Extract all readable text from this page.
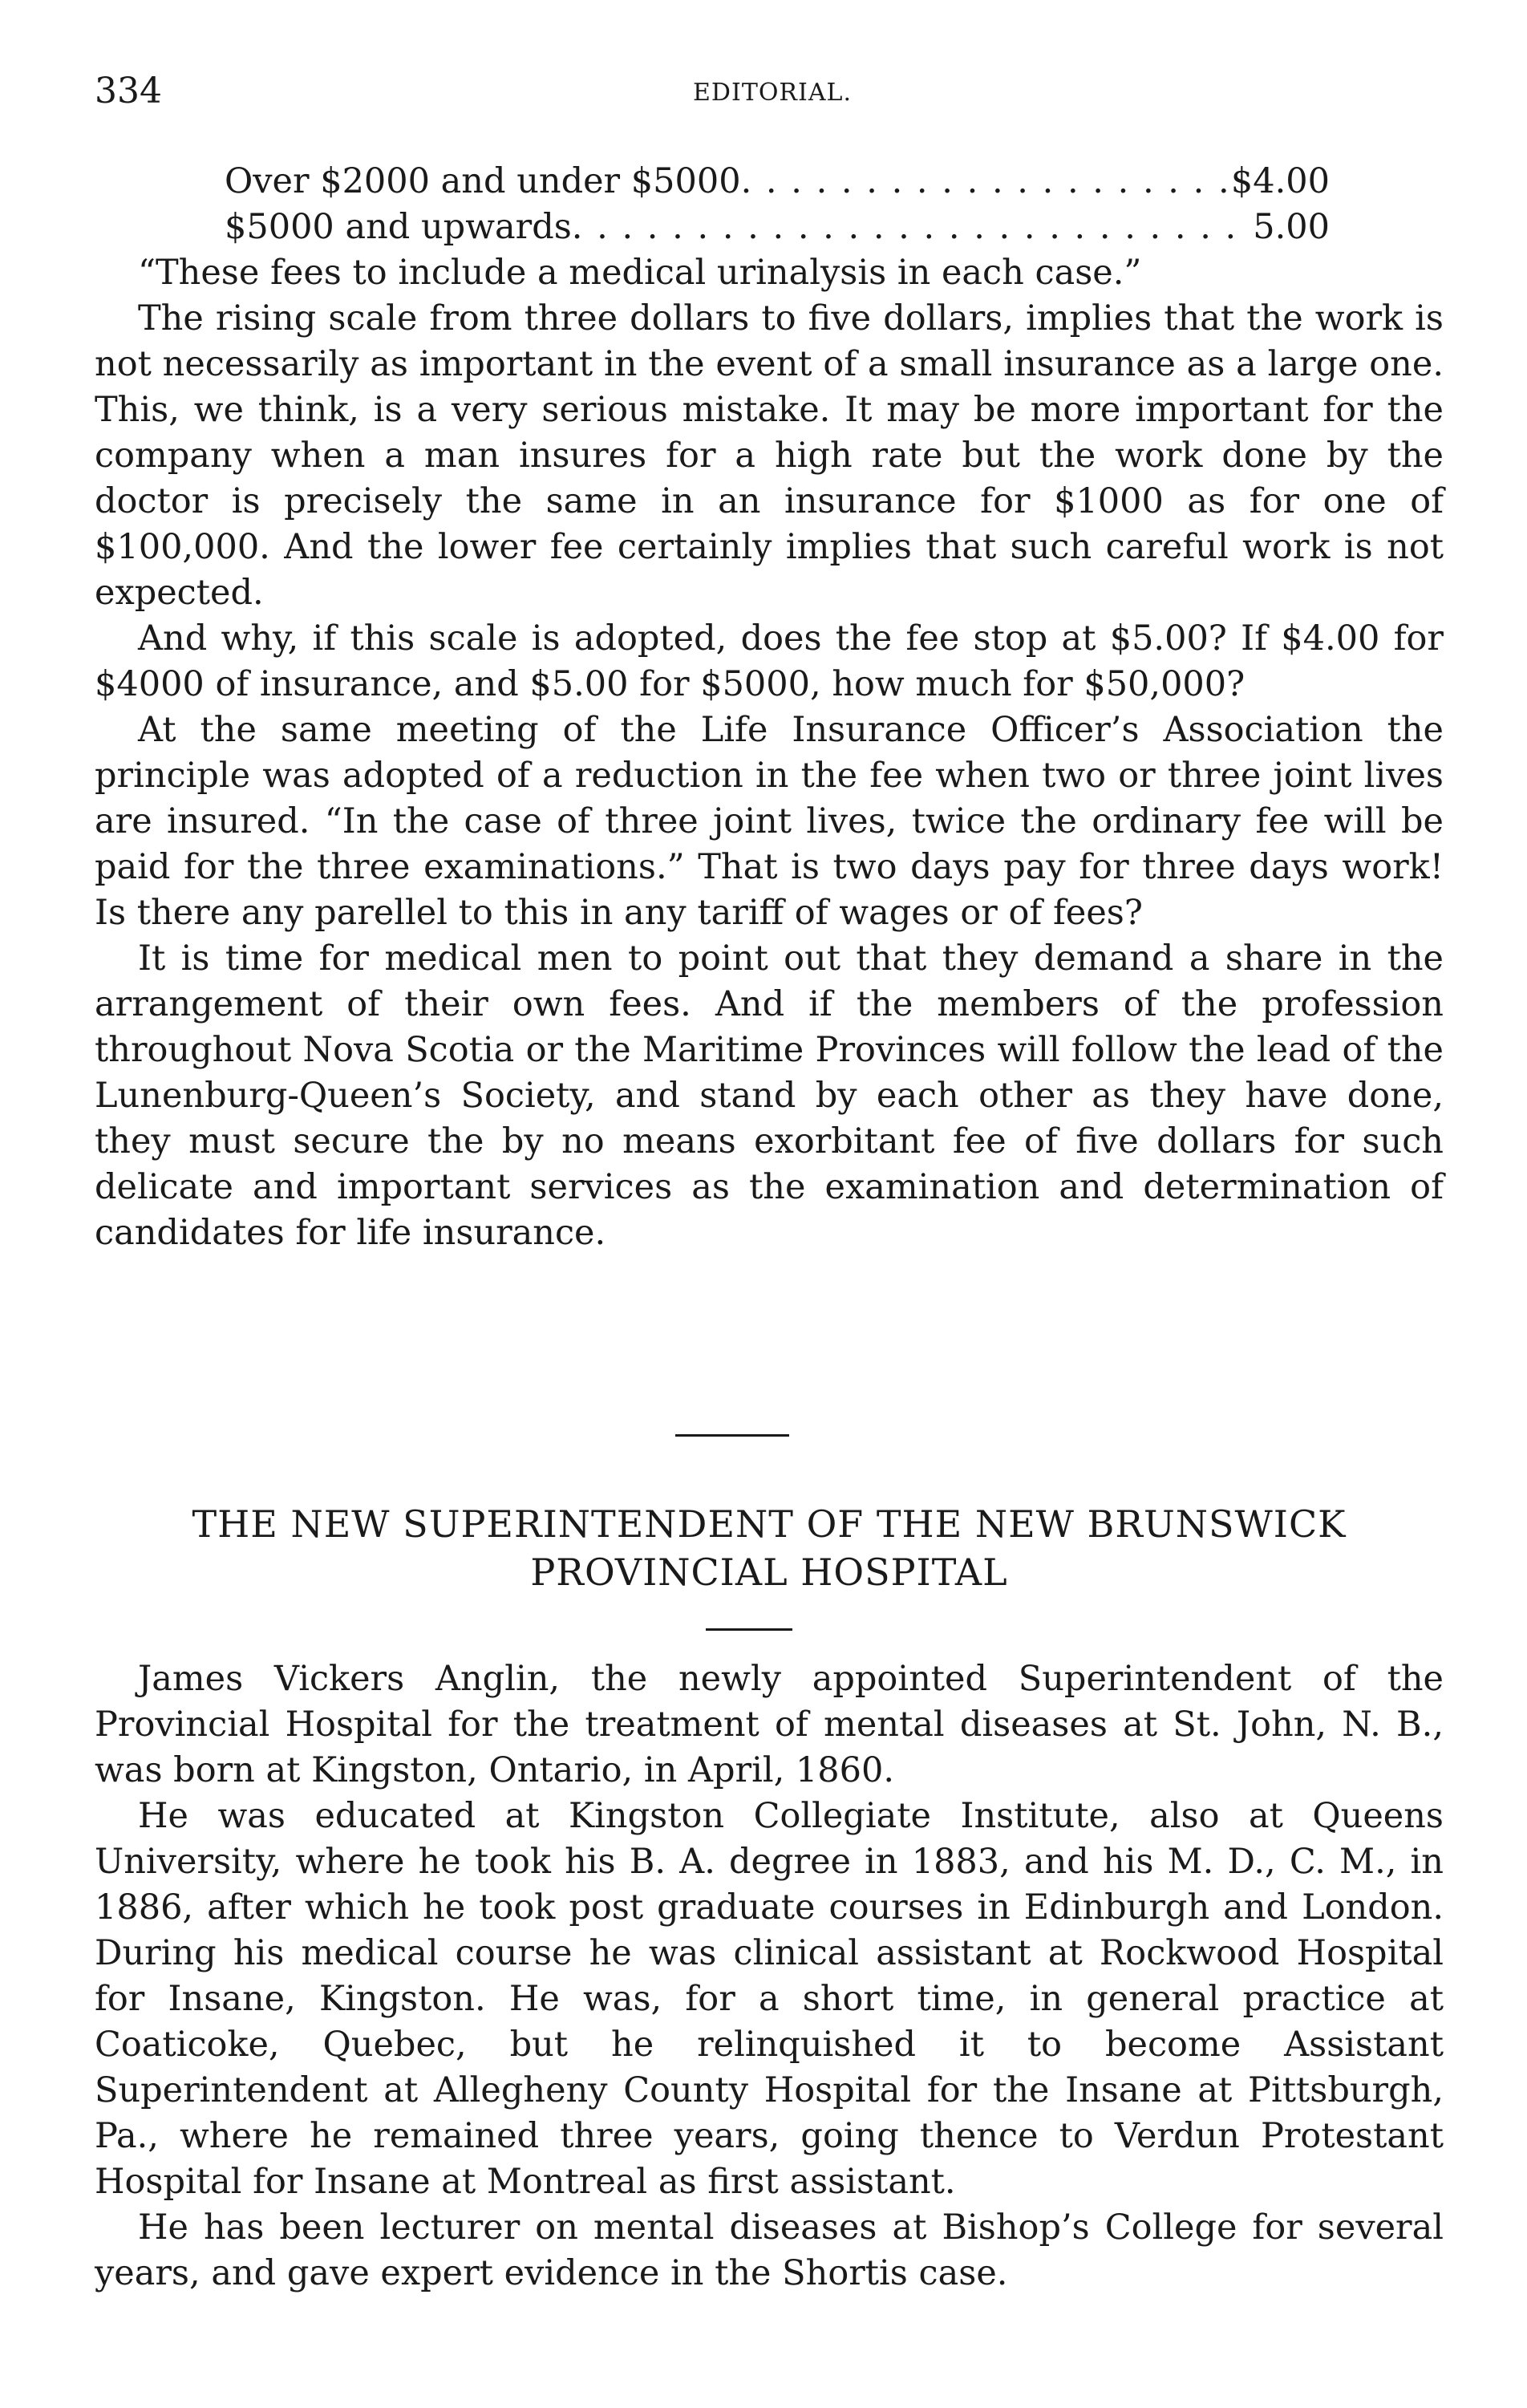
334	EDITORIAL.
Over $2000 and under $5000 . . .	$4.00
$5000 and upwards . . .	5.00

“These fees to include a medical urinalysis in each case.”

The rising scale from three dollars to five dollars, implies that the work is not necessarily as important in the event of a small insurance as a large one. This, we think, is a very serious mistake. It may be more important for the company when a man insures for a high rate but the work done by the doctor is precisely the same in an insurance for $1000 as for one of $100,000. And the lower fee certainly implies that such careful work is not expected.

And why, if this scale is adopted, does the fee stop at $5.00? If $4.00 for $4000 of insurance, and $5.00 for $5000, how much for $50,000?

At the same meeting of the Life Insurance Officer’s Association the principle was adopted of a reduction in the fee when two or three joint lives are insured. “In the case of three joint lives, twice the ordinary fee will be paid for the three examinations.” That is two days pay for three days work! Is there any parellel to this in any tariff of wages or of fees?

It is time for medical men to point out that they demand a share in the arrangement of their own fees. And if the members of the profession throughout Nova Scotia or the Maritime Provinces will follow the lead of the Lunenburg-Queen’s Society, and stand by each other as they have done, they must secure the by no means exorbitant fee of five dollars for such delicate and important services as the examination and determination of candidates for life insurance.

THE NEW SUPERINTENDENT OF THE NEW BRUNSWICK
PROVINCIAL HOSPITAL

James Vickers Anglin, the newly appointed Superintendent of the Provincial Hospital for the treatment of mental diseases at St. John, N. B., was born at Kingston, Ontario, in April, 1860.

He was educated at Kingston Collegiate Institute, also at Queens University, where he took his B. A. degree in 1883, and his M. D., C. M., in 1886, after which he took post graduate courses in Edinburgh and London. During his medical course he was clinical assistant at Rockwood Hospital for Insane, Kingston. He was, for a short time, in general practice at Coaticoke, Quebec, but he relinquished it to become Assistant Superintendent at Allegheny County Hospital for the Insane at Pittsburgh, Pa., where he remained three years, going thence to Verdun Protestant Hospital for Insane at Montreal as first assistant.

He has been lecturer on mental diseases at Bishop’s College for several years, and gave expert evidence in the Shortis case.
